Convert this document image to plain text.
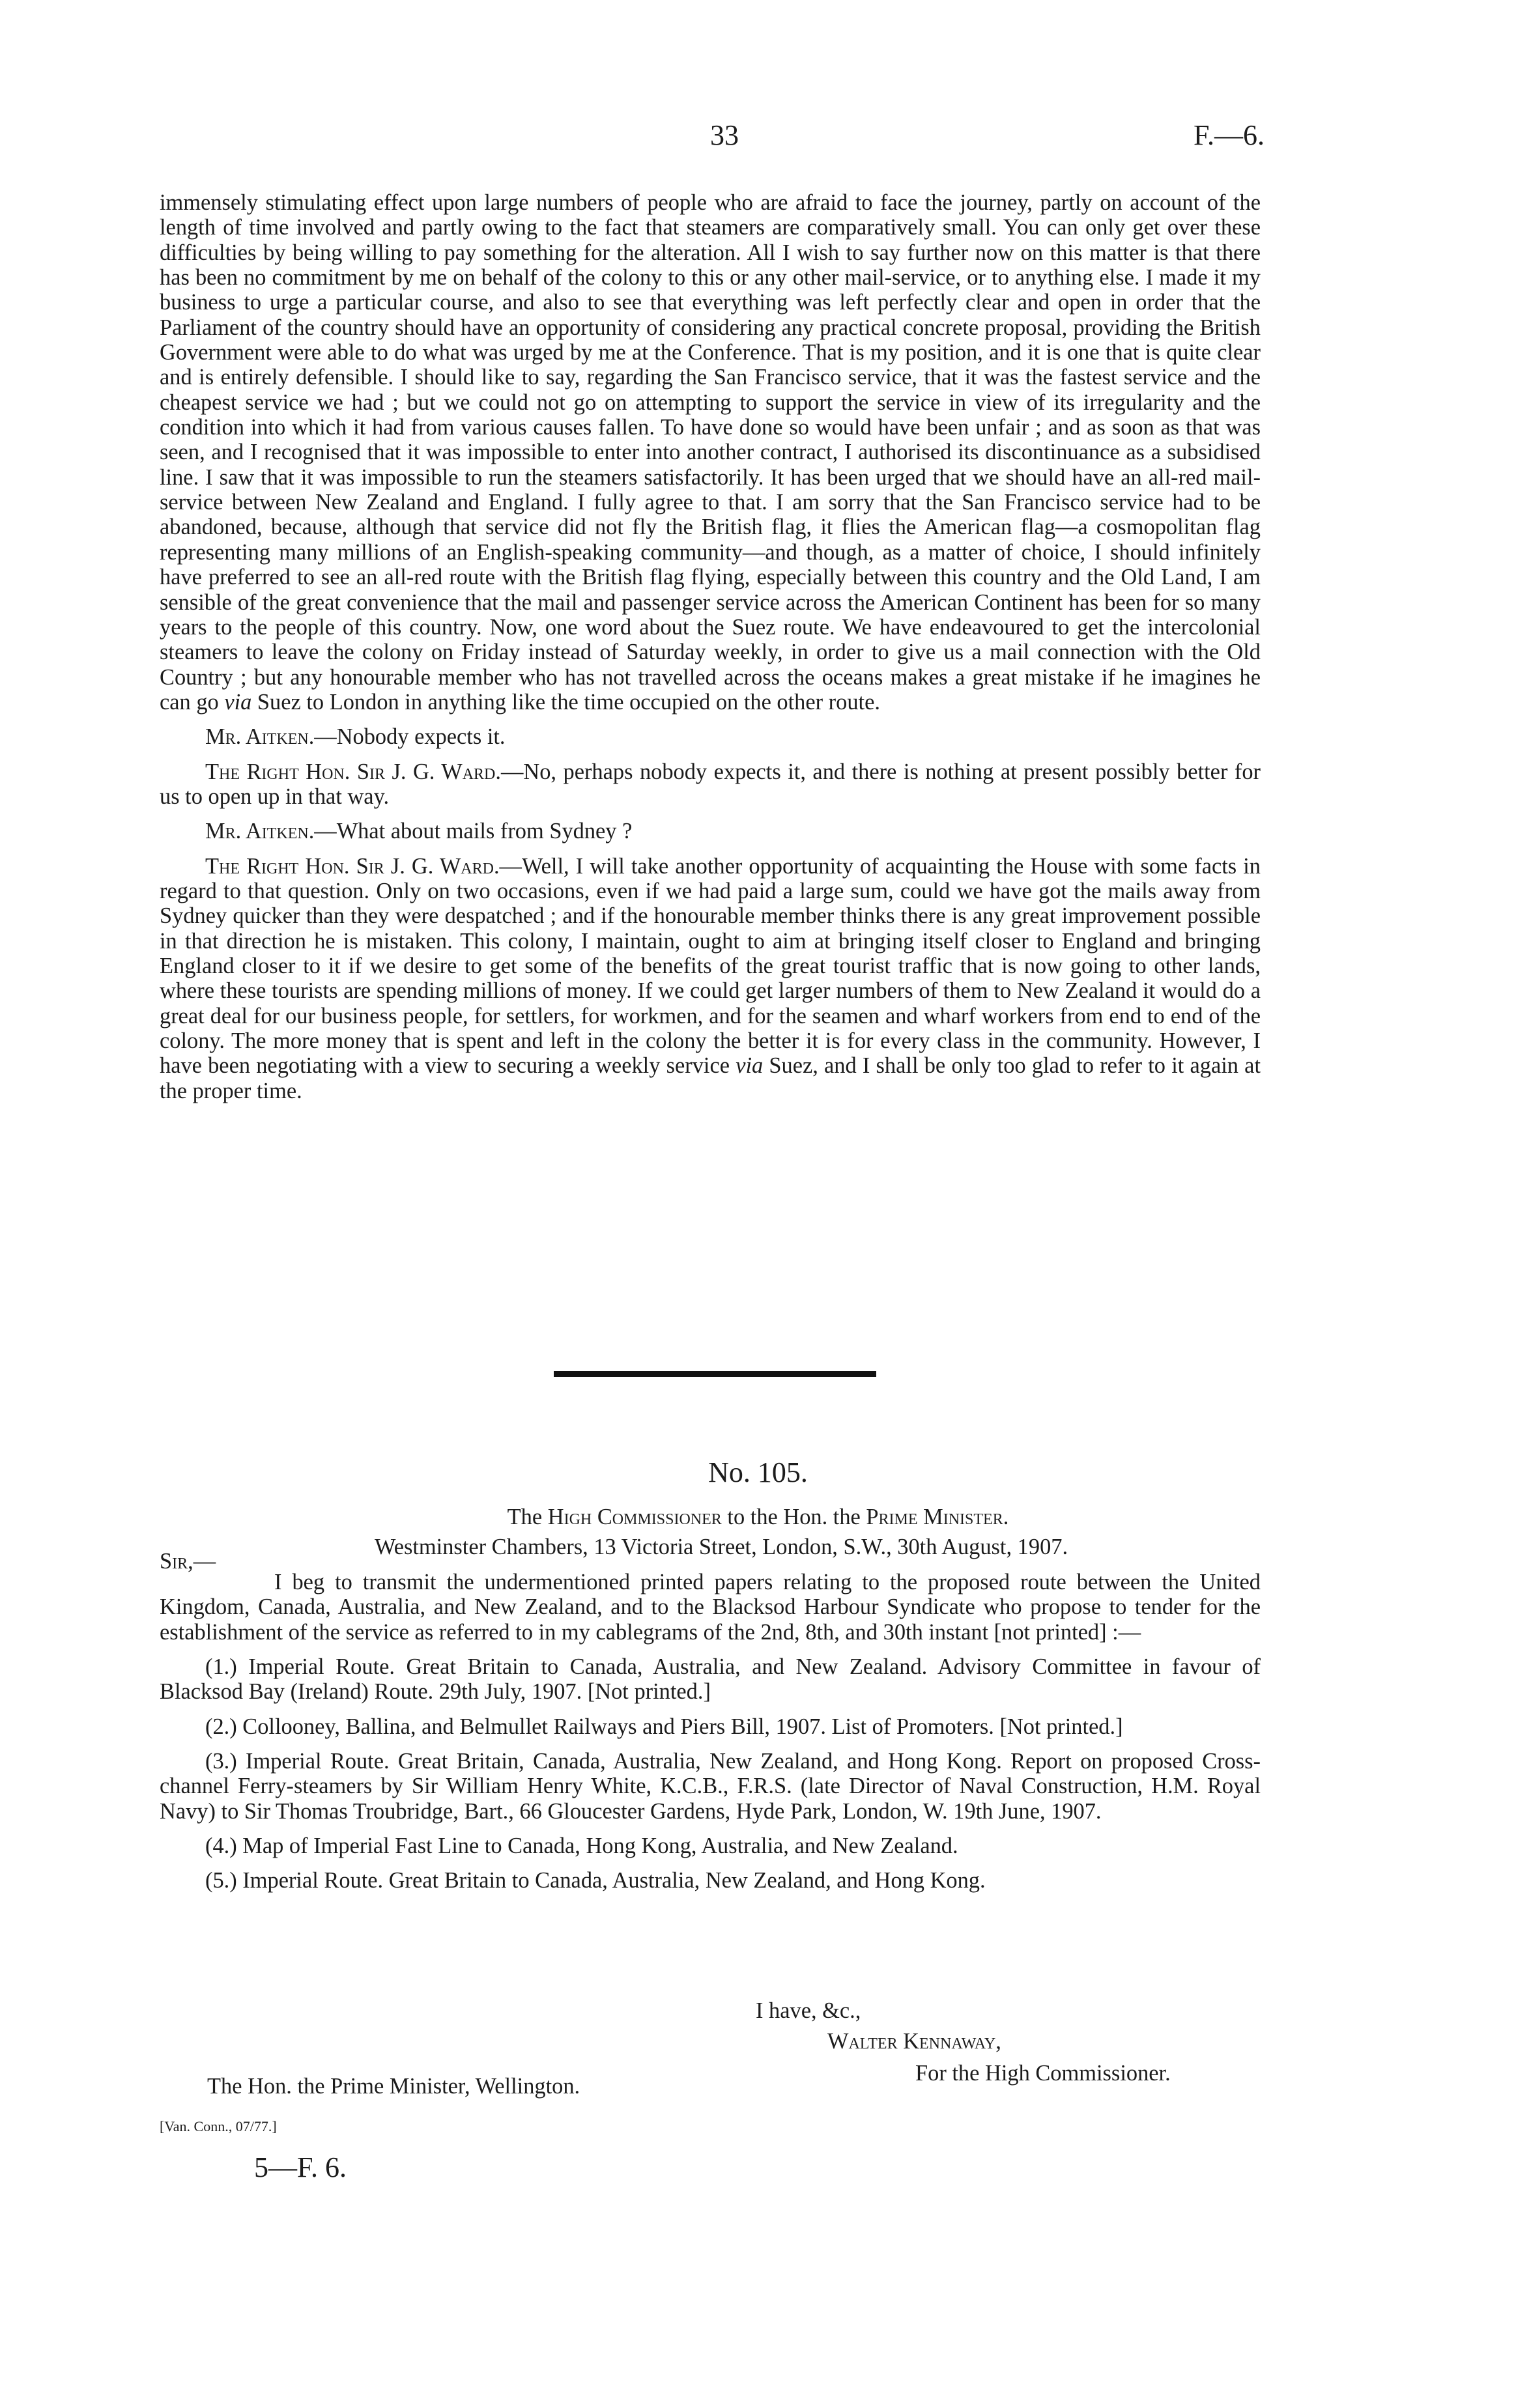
33	F.—6.

immensely stimulating effect upon large numbers of people who are afraid to face the journey, partly on account of the length of time involved and partly owing to the fact that steamers are comparatively small. You can only get over these difficulties by being willing to pay something for the alteration. All I wish to say further now on this matter is that there has been no commitment by me on behalf of the colony to this or any other mail-service, or to anything else. I made it my business to urge a particular course, and also to see that everything was left perfectly clear and open in order that the Parliament of the country should have an opportunity of considering any practical concrete proposal, providing the British Government were able to do what was urged by me at the Conference. That is my position, and it is one that is quite clear and is entirely defensible. I should like to say, regarding the San Francisco service, that it was the fastest service and the cheapest service we had ; but we could not go on attempting to support the service in view of its irregularity and the condition into which it had from various causes fallen. To have done so would have been unfair ; and as soon as that was seen, and I recognised that it was impossible to enter into another contract, I authorised its discontinuance as a subsidised line. I saw that it was impossible to run the steamers satisfactorily. It has been urged that we should have an all-red mail-service between New Zealand and England. I fully agree to that. I am sorry that the San Francisco service had to be abandoned, because, although that service did not fly the British flag, it flies the American flag—a cosmopolitan flag representing many millions of an English-speaking community—and though, as a matter of choice, I should infinitely have preferred to see an all-red route with the British flag flying, especially between this country and the Old Land, I am sensible of the great convenience that the mail and passenger service across the American Continent has been for so many years to the people of this country. Now, one word about the Suez route. We have endeavoured to get the intercolonial steamers to leave the colony on Friday instead of Saturday weekly, in order to give us a mail connection with the Old Country ; but any honourable member who has not travelled across the oceans makes a great mistake if he imagines he can go via Suez to London in anything like the time occupied on the other route.

Mr. Aitken.—Nobody expects it.

The Right Hon. Sir J. G. Ward.—No, perhaps nobody expects it, and there is nothing at present possibly better for us to open up in that way.

Mr. Aitken.—What about mails from Sydney ?

The Right Hon. Sir J. G. Ward.—Well, I will take another opportunity of acquainting the House with some facts in regard to that question. Only on two occasions, even if we had paid a large sum, could we have got the mails away from Sydney quicker than they were despatched ; and if the honourable member thinks there is any great improvement possible in that direction he is mistaken. This colony, I maintain, ought to aim at bringing itself closer to England and bringing England closer to it if we desire to get some of the benefits of the great tourist traffic that is now going to other lands, where these tourists are spending millions of money. If we could get larger numbers of them to New Zealand it would do a great deal for our business people, for settlers, for workmen, and for the seamen and wharf workers from end to end of the colony. The more money that is spent and left in the colony the better it is for every class in the community. However, I have been negotiating with a view to securing a weekly service via Suez, and I shall be only too glad to refer to it again at the proper time.

No. 105.
The High Commissioner to the Hon. the Prime Minister.
Sir,—
Westminster Chambers, 13 Victoria Street, London, S.W., 30th August, 1907.

I beg to transmit the undermentioned printed papers relating to the proposed route between the United Kingdom, Canada, Australia, and New Zealand, and to the Blacksod Harbour Syndicate who propose to tender for the establishment of the service as referred to in my cablegrams of the 2nd, 8th, and 30th instant [not printed] :—

(1.) Imperial Route. Great Britain to Canada, Australia, and New Zealand. Advisory Committee in favour of Blacksod Bay (Ireland) Route. 29th July, 1907. [Not printed.]

(2.) Collooney, Ballina, and Belmullet Railways and Piers Bill, 1907. List of Promoters. [Not printed.]

(3.) Imperial Route. Great Britain, Canada, Australia, New Zealand, and Hong Kong. Report on proposed Cross-channel Ferry-steamers by Sir William Henry White, K.C.B., F.R.S. (late Director of Naval Construction, H.M. Royal Navy) to Sir Thomas Troubridge, Bart., 66 Gloucester Gardens, Hyde Park, London, W. 19th June, 1907.

(4.) Map of Imperial Fast Line to Canada, Hong Kong, Australia, and New Zealand.

(5.) Imperial Route. Great Britain to Canada, Australia, New Zealand, and Hong Kong.

I have, &c.,
Walter Kennaway,
For the High Commissioner.
The Hon. the Prime Minister, Wellington.
[Van. Conn., 07/77.]
5—F. 6.
